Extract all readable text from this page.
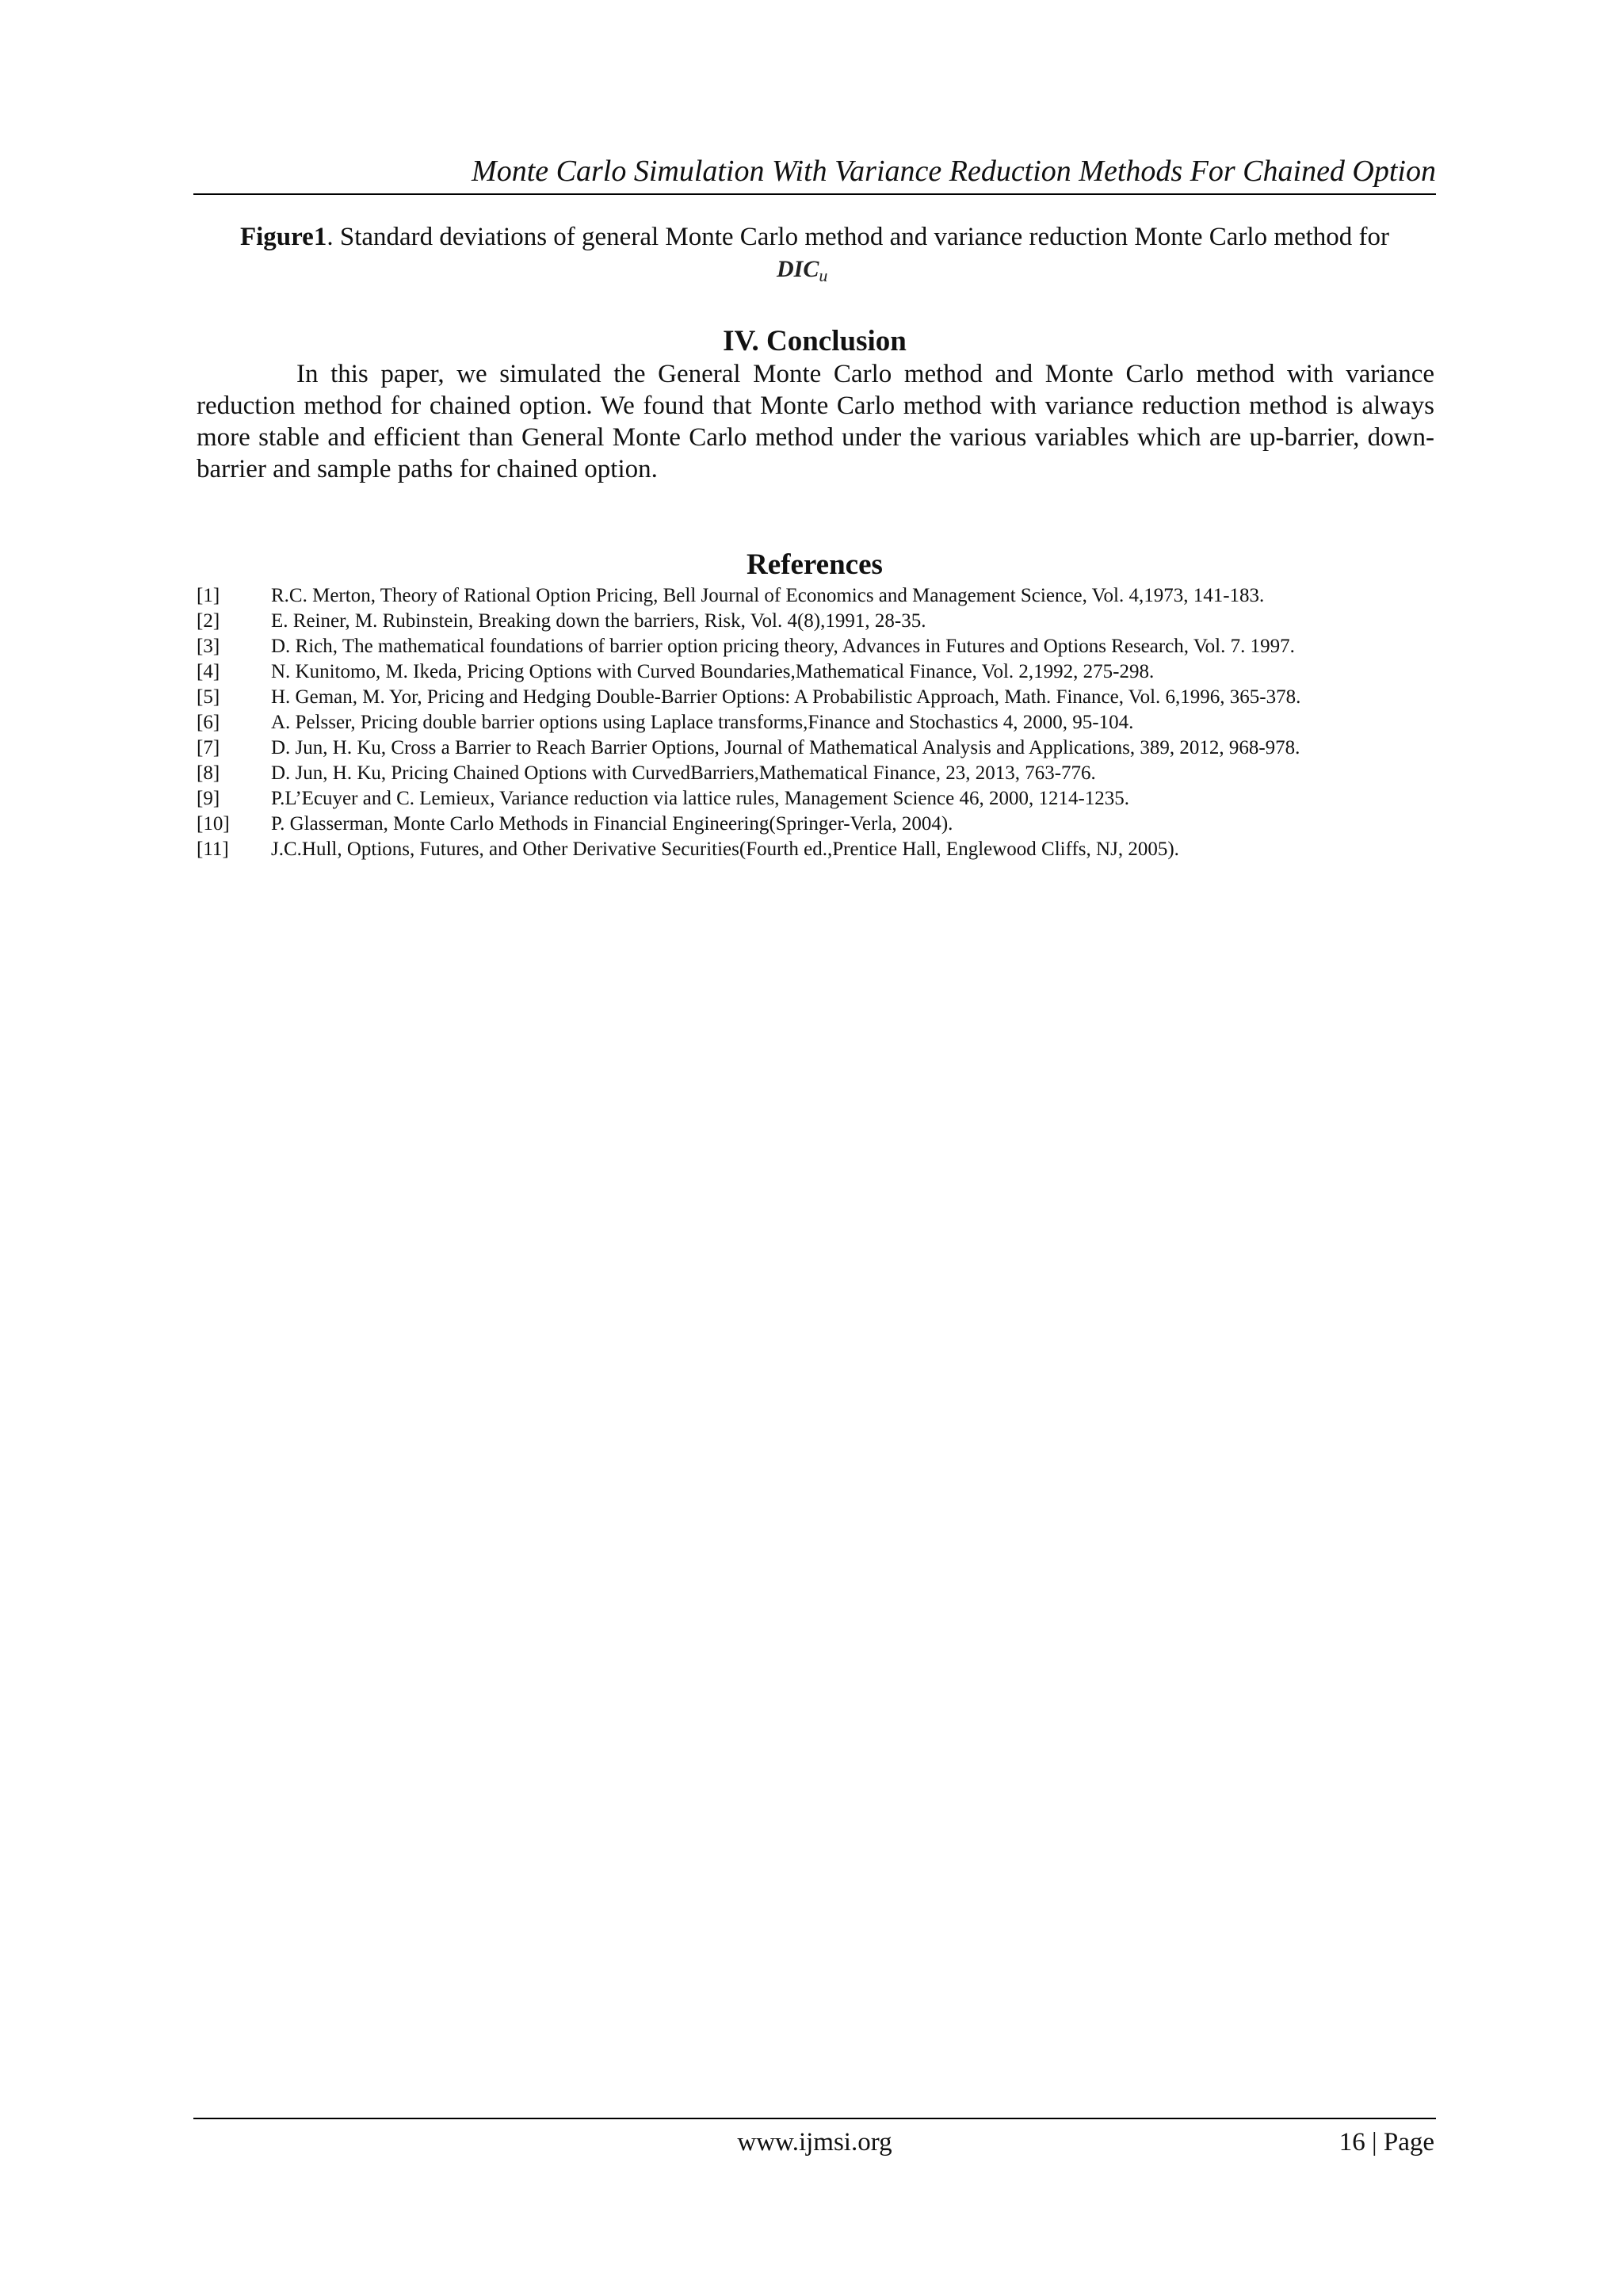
Monte Carlo Simulation With Variance Reduction Methods For Chained Option
Figure1. Standard deviations of general Monte Carlo method and variance reduction Monte Carlo method for
$DIC_u$
IV. Conclusion
In this paper, we simulated the General Monte Carlo method and Monte Carlo method with variance reduction method for chained option. We found that Monte Carlo method with variance reduction method is always more stable and efficient than General Monte Carlo method under the various variables which are up-barrier, down-barrier and sample paths for chained option.
References
[1]	R.C. Merton, Theory of Rational Option Pricing, Bell Journal of Economics and Management Science, Vol. 4,1973, 141-183.
[2]	E. Reiner, M. Rubinstein, Breaking down the barriers, Risk, Vol. 4(8),1991, 28-35.
[3]	D. Rich, The mathematical foundations of barrier option pricing theory, Advances in Futures and Options Research, Vol. 7. 1997.
[4]	N. Kunitomo, M. Ikeda, Pricing Options with Curved Boundaries,Mathematical Finance, Vol. 2,1992, 275-298.
[5]	H. Geman, M. Yor, Pricing and Hedging Double-Barrier Options: A Probabilistic Approach, Math. Finance, Vol. 6,1996, 365-378.
[6]	A. Pelsser, Pricing double barrier options using Laplace transforms,Finance and Stochastics 4, 2000, 95-104.
[7]	D. Jun, H. Ku, Cross a Barrier to Reach Barrier Options, Journal of Mathematical Analysis and Applications, 389, 2012, 968-978.
[8]	D. Jun, H. Ku, Pricing Chained Options with CurvedBarriers,Mathematical Finance, 23, 2013, 763-776.
[9]	P.L’Ecuyer and C. Lemieux, Variance reduction via lattice rules, Management Science 46, 2000, 1214-1235.
[10]	P. Glasserman, Monte Carlo Methods in Financial Engineering(Springer-Verla, 2004).
[11]	J.C.Hull, Options, Futures, and Other Derivative Securities(Fourth ed.,Prentice Hall, Englewood Cliffs, NJ, 2005).
www.ijmsi.org	16 | Page
